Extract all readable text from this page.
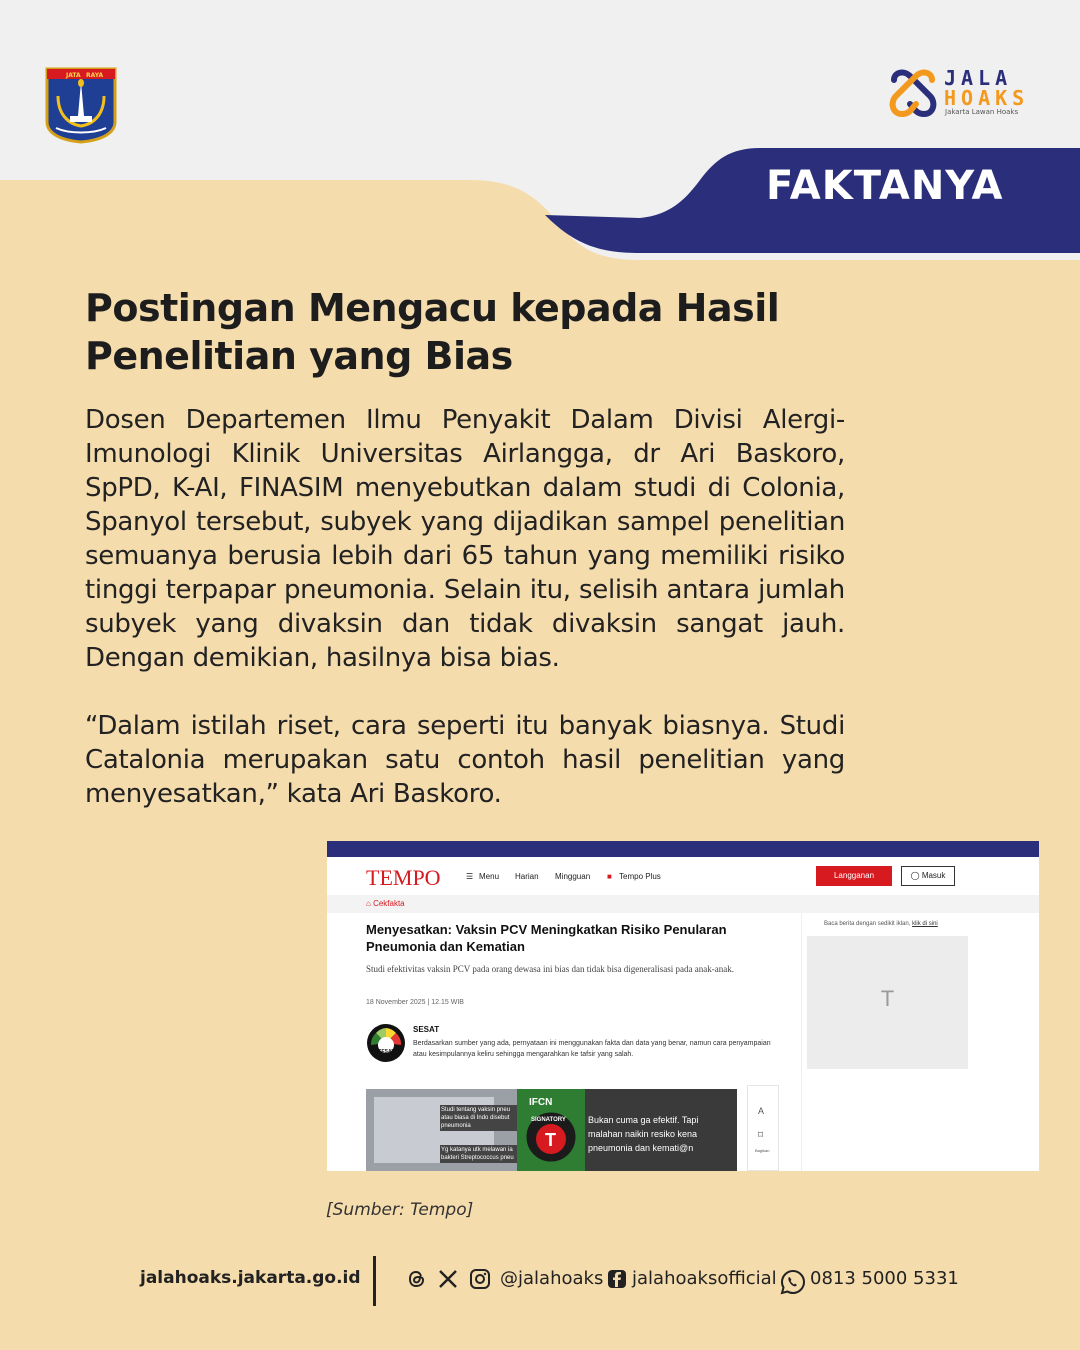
JATA RAYA	JALA
HOAKS
Jakarta Lawan Hoaks
FAKTANYA
Postingan Mengacu kepada Hasil Penelitian yang Bias

Dosen Departemen Ilmu Penyakit Dalam Divisi Alergi-Imunologi Klinik Universitas Airlangga, dr Ari Baskoro, SpPD, K-AI, FINASIM menyebutkan dalam studi di Colonia, Spanyol tersebut, subyek yang dijadikan sampel penelitian semuanya berusia lebih dari 65 tahun yang memiliki risiko tinggi terpapar pneumonia. Selain itu, selisih antara jumlah subyek yang divaksin dan tidak divaksin sangat jauh. Dengan demikian, hasilnya bisa bias.

“Dalam istilah riset, cara seperti itu banyak biasnya. Studi Catalonia merupakan satu contoh hasil penelitian yang menyesatkan,” kata Ari Baskoro.

TEMPO	☰ Menu Harian Mingguan ■ Tempo Plus	Langganan	◯ Masuk
⌂ Cekfakta
Menyesatkan: Vaksin PCV Meningkatkan Risiko Penularan Pneumonia dan Kematian
Studi efektivitas vaksin PCV pada orang dewasa ini bias dan tidak bisa digeneralisasi pada anak-anak.
18 November 2025 | 12.15 WIB
SESAT
SESAT
Berdasarkan sumber yang ada, pernyataan ini menggunakan fakta dan data yang benar, namun cara penyampaian atau kesimpulannya keliru sehingga mengarahkan ke tafsir yang salah.
Studi tentang vaksin pneu atau biasa di Indo disebut pneumonia
Yg katanya utk melawan ia bakteri Streptococcus pneu
Bukan cuma ga efektif. Tapi malahan naikin resiko kena pneumonia dan kemati@n
IFCN
SIGNATORY
T
A
⌑
Bagikan
Baca berita dengan sedikit iklan, klik di sini
T
[Sumber: Tempo]
jalahoaks.jakarta.go.id	@jalahoaks jalahoaksofficial 0813 5000 5331
